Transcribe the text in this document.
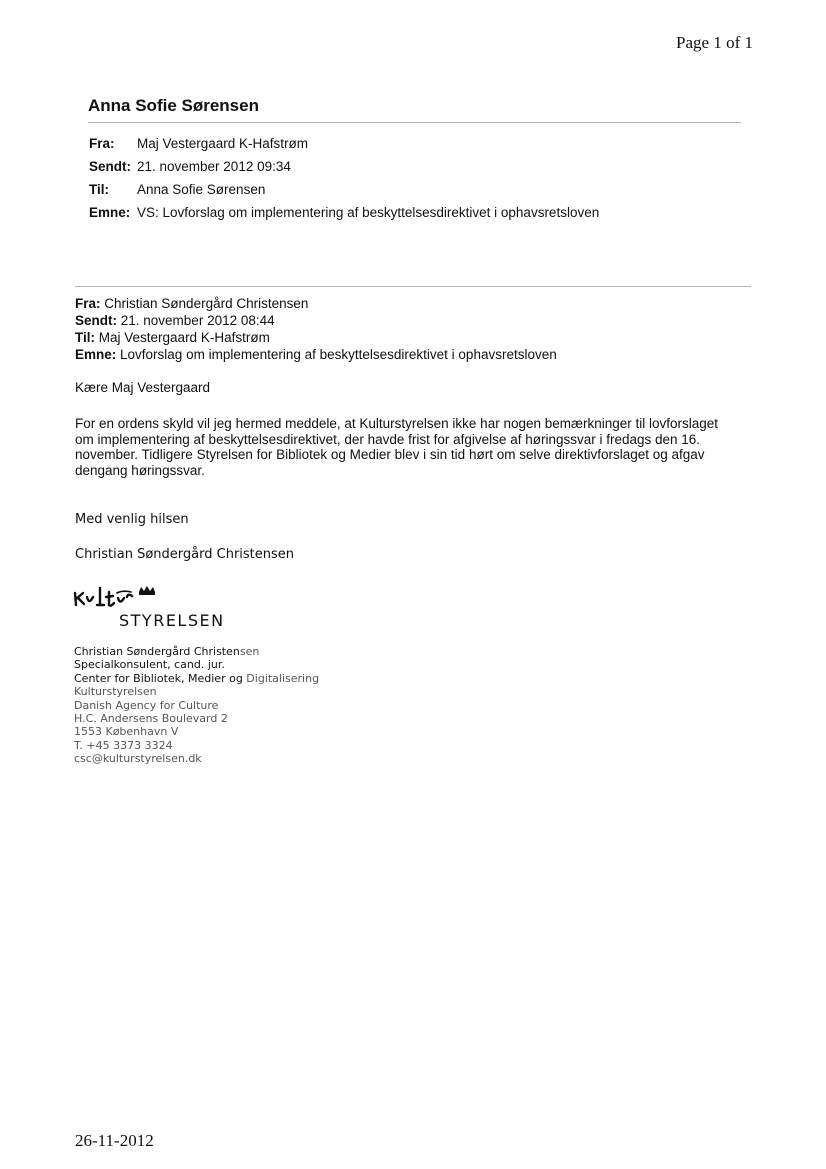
Page 1 of 1
Anna Sofie Sørensen
Fra: Maj Vestergaard K-Hafstrøm
Sendt: 21. november 2012 09:34
Til: Anna Sofie Sørensen
Emne: VS: Lovforslag om implementering af beskyttelsesdirektivet i ophavsretsloven
Fra: Christian Søndergård Christensen
Sendt: 21. november 2012 08:44
Til: Maj Vestergaard K-Hafstrøm
Emne: Lovforslag om implementering af beskyttelsesdirektivet i ophavsretsloven
Kære Maj Vestergaard
For en ordens skyld vil jeg hermed meddele, at Kulturstyrelsen ikke har nogen bemærkninger til lovforslaget
om implementering af beskyttelsesdirektivet, der havde frist for afgivelse af høringssvar i fredags den 16.
november. Tidligere Styrelsen for Bibliotek og Medier blev i sin tid hørt om selve direktivforslaget og afgav
dengang høringssvar.
Med venlig hilsen
Christian Søndergård Christensen
STYRELSEN
Christian Søndergård Christensen
Specialkonsulent, cand. jur.
Center for Bibliotek, Medier og Digitalisering
Kulturstyrelsen
Danish Agency for Culture
H.C. Andersens Boulevard 2
1553 København V
T. +45 3373 3324
csc@kulturstyrelsen.dk
26-11-2012
